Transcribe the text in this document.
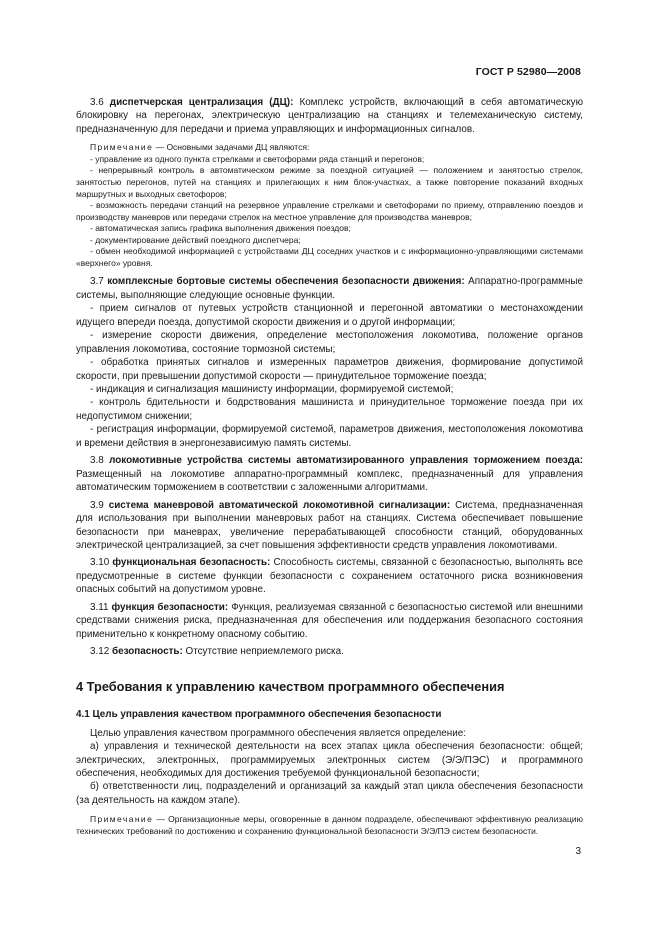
ГОСТ Р 52980—2008

3.6 диспетчерская централизация (ДЦ): Комплекс устройств, включающий в себя автоматическую блокировку на перегонах, электрическую централизацию на станциях и телемеханическую систему, предназначенную для передачи и приема управляющих и информационных сигналов.

Примечание — Основными задачами ДЦ являются:

- управление из одного пункта стрелками и светофорами ряда станций и перегонов;

- непрерывный контроль в автоматическом режиме за поездной ситуацией — положением и занятостью стрелок, занятостью перегонов, путей на станциях и прилегающих к ним блок-участках, а также повторение показаний входных маршрутных и выходных светофоров;

- возможность передачи станций на резервное управление стрелками и светофорами по приему, отправлению поездов и производству маневров или передачи стрелок на местное управление для производства маневров;

- автоматическая запись графика выполнения движения поездов;

- документирование действий поездного диспетчера;

- обмен необходимой информацией с устройствами ДЦ соседних участков и с информационно-управляющими системами «верхнего» уровня.

3.7 комплексные бортовые системы обеспечения безопасности движения: Аппаратно-программные системы, выполняющие следующие основные функции.

- прием сигналов от путевых устройств станционной и перегонной автоматики о местонахождении идущего впереди поезда, допустимой скорости движения и о другой информации;

- измерение скорости движения, определение местоположения локомотива, положение органов управления локомотива, состояние тормозной системы;

- обработка принятых сигналов и измеренных параметров движения, формирование допустимой скорости, при превышении допустимой скорости — принудительное торможение поезда;

- индикация и сигнализация машинисту информации, формируемой системой;

- контроль бдительности и бодрствования машиниста и принудительное торможение поезда при их недопустимом снижении;

- регистрация информации, формируемой системой, параметров движения, местоположения локомотива и времени действия в энергонезависимую память системы.

3.8 локомотивные устройства системы автоматизированного управления торможением поезда: Размещенный на локомотиве аппаратно-программный комплекс, предназначенный для управления автоматическим торможением в соответствии с заложенными алгоритмами.

3.9 система маневровой автоматической локомотивной сигнализации: Система, предназначенная для использования при выполнении маневровых работ на станциях. Система обеспечивает повышение безопасности при маневрах, увеличение перерабатывающей способности станций, оборудованных электрической централизацией, за счет повышения эффективности средств управления локомотивами.

3.10 функциональная безопасность: Способность системы, связанной с безопасностью, выполнять все предусмотренные в системе функции безопасности с сохранением остаточного риска возникновения опасных событий на допустимом уровне.

3.11 функция безопасности: Функция, реализуемая связанной с безопасностью системой или внешними средствами снижения риска, предназначенная для обеспечения или поддержания безопасного состояния применительно к конкретному опасному событию.

3.12 безопасность: Отсутствие неприемлемого риска.

4 Требования к управлению качеством программного обеспечения
4.1 Цель управления качеством программного обеспечения безопасности

Целью управления качеством программного обеспечения является определение:

а) управления и технической деятельности на всех этапах цикла обеспечения безопасности: общей; электрических, электронных, программируемых электронных систем (Э/Э/ПЭС) и программного обеспечения, необходимых для достижения требуемой функциональной безопасности;

б) ответственности лиц, подразделений и организаций за каждый этап цикла обеспечения безопасности (за деятельность на каждом этапе).

Примечание — Организационные меры, оговоренные в данном подразделе, обеспечивают эффективную реализацию технических требований по достижению и сохранению функциональной безопасности Э/Э/ПЭ систем безопасности.

3
